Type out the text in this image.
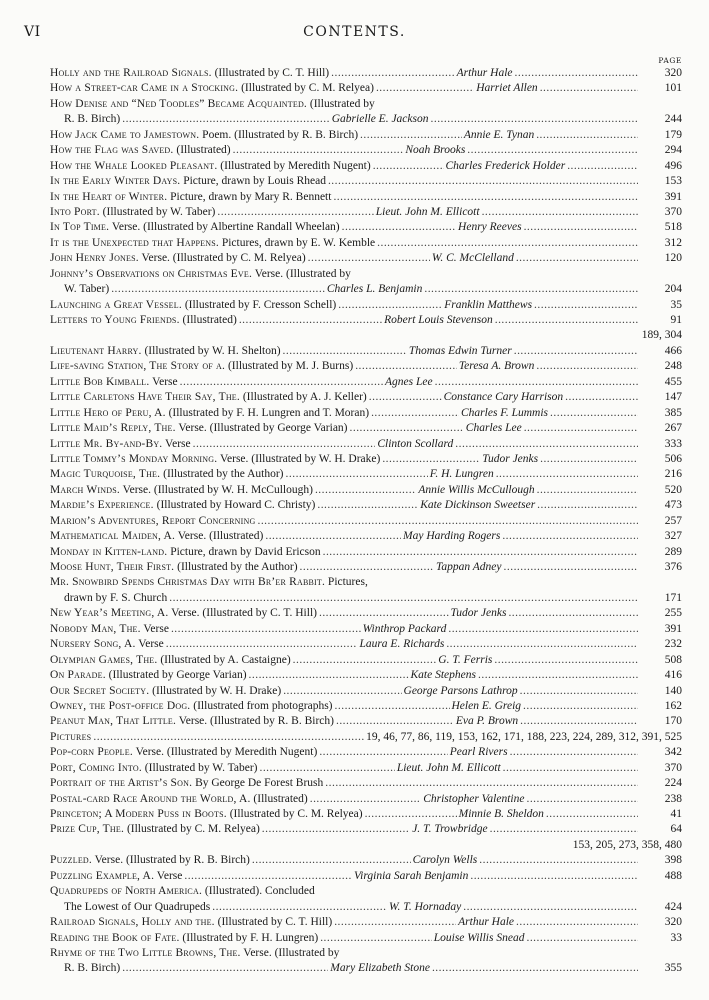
VI	CONTENTS.
PAGE
Holly and the Railroad Signals. (Illustrated by C. T. Hill) . . .	Arthur Hale . . .	320
How a Street-car Came in a Stocking. (Illustrated by C. M. Relyea) . . .	Harriet Allen . . .	101
How Denise and “Ned Toodles” Became Acquainted. (Illustrated by
R. B. Birch) . . .	Gabrielle E. Jackson . . .	244
How Jack Came to Jamestown. Poem. (Illustrated by R. B. Birch) . . .	Annie E. Tynan . . .	179
How the Flag was Saved. (Illustrated) . . .	Noah Brooks . . .	294
How the Whale Looked Pleasant. (Illustrated by Meredith Nugent) . . .	Charles Frederick Holder . . .	496
In the Early Winter Days. Picture, drawn by Louis Rhead . . .	153
In the Heart of Winter. Picture, drawn by Mary R. Bennett . . .	391
Into Port. (Illustrated by W. Taber) . . .	Lieut. John M. Ellicott . . .	370
In Top Time. Verse. (Illustrated by Albertine Randall Wheelan) . . .	Henry Reeves . . .	518
It is the Unexpected that Happens. Pictures, drawn by E. W. Kemble . . .	312
John Henry Jones. Verse. (Illustrated by C. M. Relyea) . . .	W. C. McClelland . . .	120
Johnny’s Observations on Christmas Eve. Verse. (Illustrated by
W. Taber) . . .	Charles L. Benjamin . . .	204
Launching a Great Vessel. (Illustrated by F. Cresson Schell) . . .	Franklin Matthews . . .	35
Letters to Young Friends. (Illustrated) . . .	Robert Louis Stevenson . . .	91
189, 304
Lieutenant Harry. (Illustrated by W. H. Shelton) . . .	Thomas Edwin Turner . . .	466
Life-saving Station, The Story of a. (Illustrated by M. J. Burns) . . .	Teresa A. Brown . . .	248
Little Bob Kimball. Verse . . .	Agnes Lee . . .	455
Little Carletons Have Their Say, The. (Illustrated by A. J. Keller) . . .	Constance Cary Harrison . . .	147
Little Hero of Peru, A. (Illustrated by F. H. Lungren and T. Moran) . . .	Charles F. Lummis . . .	385
Little Maid’s Reply, The. Verse. (Illustrated by George Varian) . . .	Charles Lee . . .	267
Little Mr. By-and-By. Verse . . .	Clinton Scollard . . .	333
Little Tommy’s Monday Morning. Verse. (Illustrated by W. H. Drake) . . .	Tudor Jenks . . .	506
Magic Turquoise, The. (Illustrated by the Author) . . .	F. H. Lungren . . .	216
March Winds. Verse. (Illustrated by W. H. McCullough) . . .	Annie Willis McCullough . . .	520
Mardie’s Experience. (Illustrated by Howard C. Christy) . . .	Kate Dickinson Sweetser . . .	473
Marion’s Adventures, Report Concerning . . .	257
Mathematical Maiden, A. Verse. (Illustrated) . . .	May Harding Rogers . . .	327
Monday in Kitten-land. Picture, drawn by David Ericson . . .	289
Moose Hunt, Their First. (Illustrated by the Author) . . .	Tappan Adney . . .	376
Mr. Snowbird Spends Christmas Day with Br’er Rabbit. Pictures,
drawn by F. S. Church . . .	171
New Year’s Meeting, A. Verse. (Illustrated by C. T. Hill) . . .	Tudor Jenks . . .	255
Nobody Man, The. Verse . . .	Winthrop Packard . . .	391
Nursery Song, A. Verse . . .	Laura E. Richards . . .	232
Olympian Games, The. (Illustrated by A. Castaigne) . . .	G. T. Ferris . . .	508
On Parade. (Illustrated by George Varian) . . .	Kate Stephens . . .	416
Our Secret Society. (Illustrated by W. H. Drake) . . .	George Parsons Lathrop . . .	140
Owney, the Post-office Dog. (Illustrated from photographs) . . .	Helen E. Greig . . .	162
Peanut Man, That Little. Verse. (Illustrated by R. B. Birch) . . .	Eva P. Brown . . .	170
Pictures . . .	19, 46, 77, 86, 119, 153, 162, 171, 188, 223, 224, 289, 312, 391, 525
Pop-corn People. Verse. (Illustrated by Meredith Nugent) . . .	Pearl Rivers . . .	342
Port, Coming Into. (Illustrated by W. Taber) . . .	Lieut. John M. Ellicott . . .	370
Portrait of the Artist’s Son. By George De Forest Brush . . .	224
Postal-card Race Around the World, A. (Illustrated) . . .	Christopher Valentine . . .	238
Princeton; A Modern Puss in Boots. (Illustrated by C. M. Relyea) . . .	Minnie B. Sheldon . . .	41
Prize Cup, The. (Illustrated by C. M. Relyea) . . .	J. T. Trowbridge . . .	64
153, 205, 273, 358, 480
Puzzled. Verse. (Illustrated by R. B. Birch) . . .	Carolyn Wells . . .	398
Puzzling Example, A. Verse . . .	Virginia Sarah Benjamin . . .	488
Quadrupeds of North America. (Illustrated). Concluded
The Lowest of Our Quadrupeds . . .	W. T. Hornaday . . .	424
Railroad Signals, Holly and the. (Illustrated by C. T. Hill) . . .	Arthur Hale . . .	320
Reading the Book of Fate. (Illustrated by F. H. Lungren) . . .	Louise Willis Snead . . .	33
Rhyme of the Two Little Browns, The. Verse. (Illustrated by
R. B. Birch) . . .	Mary Elizabeth Stone . . .	355
